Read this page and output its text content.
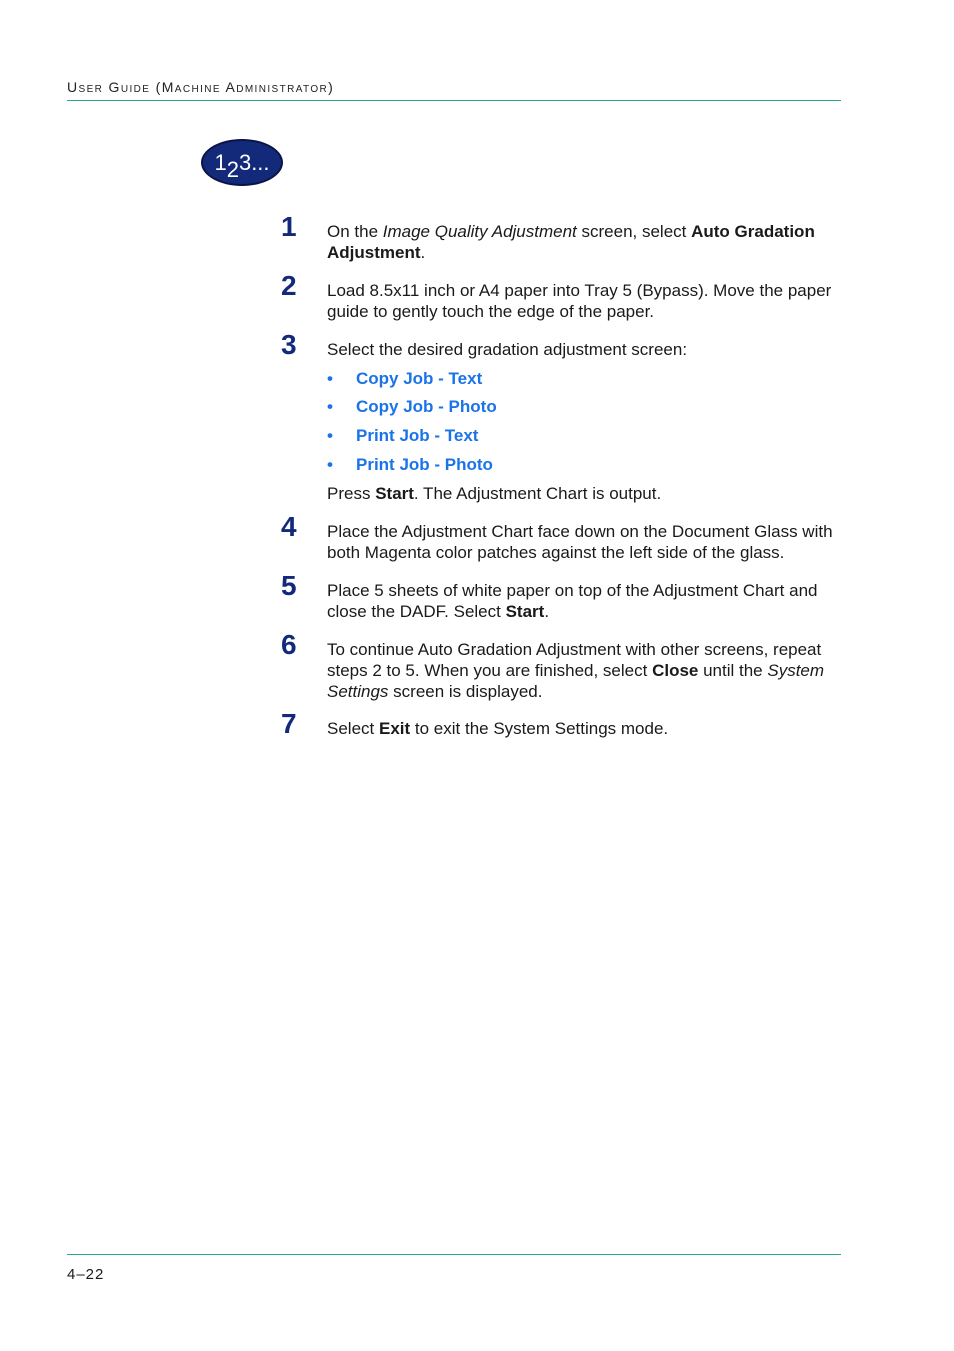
User Guide (Machine Administrator)
1 2 3...
1	On the Image Quality Adjustment screen, select Auto Gradation Adjustment.
2	Load 8.5x11 inch or A4 paper into Tray 5 (Bypass). Move the paper guide to gently touch the edge of the paper.
3	Select the desired gradation adjustment screen:
• Copy Job - Text
• Copy Job - Photo
• Print Job - Text
• Print Job - Photo
Press Start. The Adjustment Chart is output.
4	Place the Adjustment Chart face down on the Document Glass with both Magenta color patches against the left side of the glass.
5	Place 5 sheets of white paper on top of the Adjustment Chart and close the DADF. Select Start.
6	To continue Auto Gradation Adjustment with other screens, repeat steps 2 to 5. When you are finished, select Close until the System Settings screen is displayed.
7	Select Exit to exit the System Settings mode.
4–22
